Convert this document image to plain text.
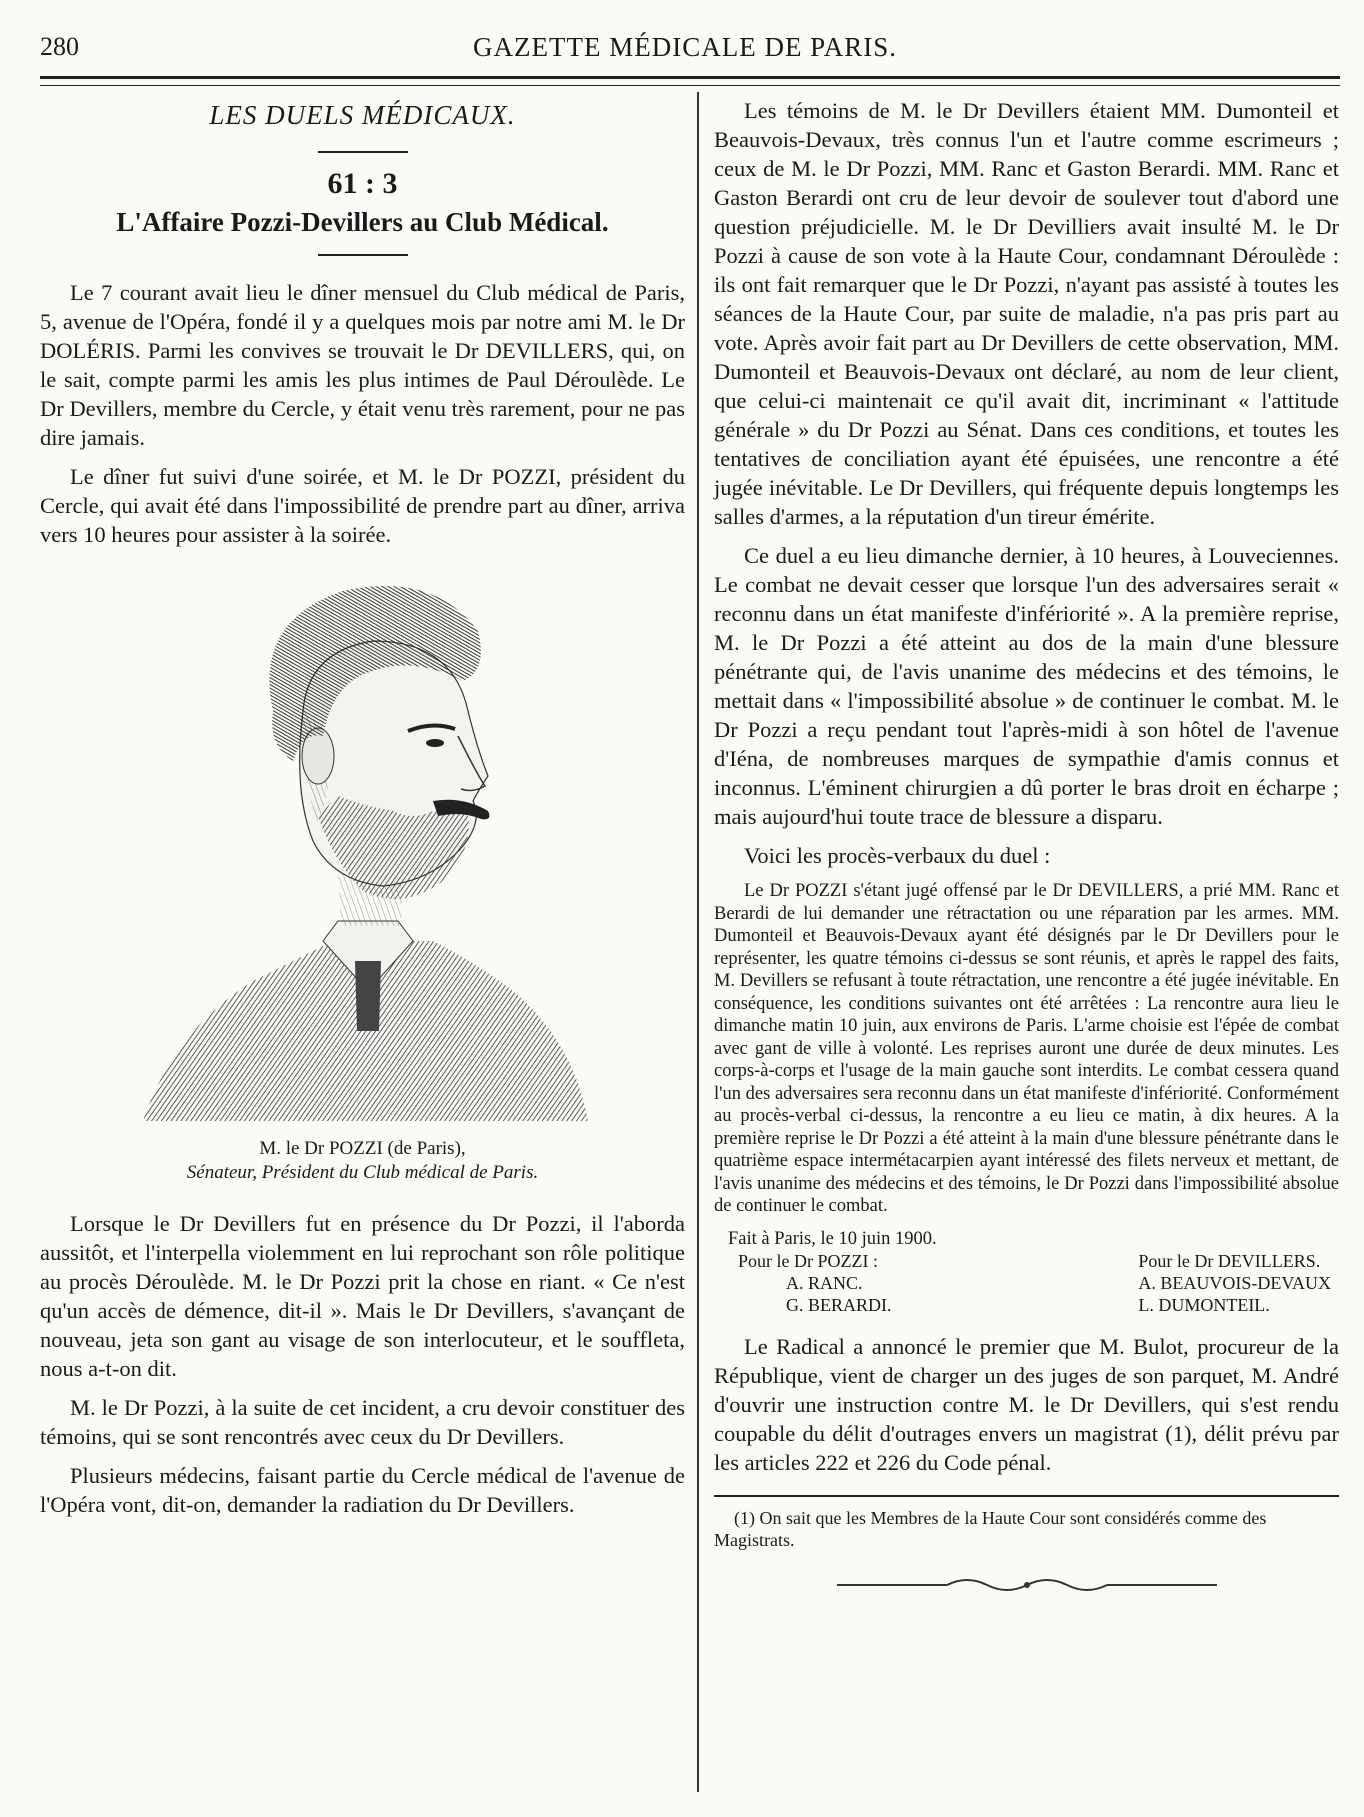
280	GAZETTE MÉDICALE DE PARIS.
LES DUELS MÉDICAUX.
61 : 3
L'Affaire Pozzi-Devillers au Club Médical.

Le 7 courant avait lieu le dîner mensuel du Club médical de Paris, 5, avenue de l'Opéra, fondé il y a quelques mois par notre ami M. le Dr DOLÉRIS. Parmi les convives se trouvait le Dr DEVILLERS, qui, on le sait, compte parmi les amis les plus intimes de Paul Déroulède. Le Dr Devillers, membre du Cercle, y était venu très rarement, pour ne pas dire jamais.

Le dîner fut suivi d'une soirée, et M. le Dr POZZI, président du Cercle, qui avait été dans l'impossibilité de prendre part au dîner, arriva vers 10 heures pour assister à la soirée.

M. le Dr POZZI (de Paris),
Sénateur, Président du Club médical de Paris.

Lorsque le Dr Devillers fut en présence du Dr Pozzi, il l'aborda aussitôt, et l'interpella violemment en lui reprochant son rôle politique au procès Déroulède. M. le Dr Pozzi prit la chose en riant. « Ce n'est qu'un accès de démence, dit-il ». Mais le Dr Devillers, s'avançant de nouveau, jeta son gant au visage de son interlocuteur, et le souffleta, nous a-t-on dit.

M. le Dr Pozzi, à la suite de cet incident, a cru devoir constituer des témoins, qui se sont rencontrés avec ceux du Dr Devillers.

Plusieurs médecins, faisant partie du Cercle médical de l'avenue de l'Opéra vont, dit-on, demander la radiation du Dr Devillers.

Les témoins de M. le Dr Devillers étaient MM. Dumonteil et Beauvois-Devaux, très connus l'un et l'autre comme escrimeurs ; ceux de M. le Dr Pozzi, MM. Ranc et Gaston Berardi. MM. Ranc et Gaston Berardi ont cru de leur devoir de soulever tout d'abord une question préjudicielle. M. le Dr Devilliers avait insulté M. le Dr Pozzi à cause de son vote à la Haute Cour, condamnant Déroulède : ils ont fait remarquer que le Dr Pozzi, n'ayant pas assisté à toutes les séances de la Haute Cour, par suite de maladie, n'a pas pris part au vote. Après avoir fait part au Dr Devillers de cette observation, MM. Dumonteil et Beauvois-Devaux ont déclaré, au nom de leur client, que celui-ci maintenait ce qu'il avait dit, incriminant « l'attitude générale » du Dr Pozzi au Sénat. Dans ces conditions, et toutes les tentatives de conciliation ayant été épuisées, une rencontre a été jugée inévitable. Le Dr Devillers, qui fréquente depuis longtemps les salles d'armes, a la réputation d'un tireur émérite.

Ce duel a eu lieu dimanche dernier, à 10 heures, à Louveciennes. Le combat ne devait cesser que lorsque l'un des adversaires serait « reconnu dans un état manifeste d'infériorité ». A la première reprise, M. le Dr Pozzi a été atteint au dos de la main d'une blessure pénétrante qui, de l'avis unanime des médecins et des témoins, le mettait dans « l'impossibilité absolue » de continuer le combat. M. le Dr Pozzi a reçu pendant tout l'après-midi à son hôtel de l'avenue d'Iéna, de nombreuses marques de sympathie d'amis connus et inconnus. L'éminent chirurgien a dû porter le bras droit en écharpe ; mais aujourd'hui toute trace de blessure a disparu.

Voici les procès-verbaux du duel :

Le Dr POZZI s'étant jugé offensé par le Dr DEVILLERS, a prié MM. Ranc et Berardi de lui demander une rétractation ou une réparation par les armes. MM. Dumonteil et Beauvois-Devaux ayant été désignés par le Dr Devillers pour le représenter, les quatre témoins ci-dessus se sont réunis, et après le rappel des faits, M. Devillers se refusant à toute rétractation, une rencontre a été jugée inévitable. En conséquence, les conditions suivantes ont été arrêtées : La rencontre aura lieu le dimanche matin 10 juin, aux environs de Paris. L'arme choisie est l'épée de combat avec gant de ville à volonté. Les reprises auront une durée de deux minutes. Les corps-à-corps et l'usage de la main gauche sont interdits. Le combat cessera quand l'un des adversaires sera reconnu dans un état manifeste d'infériorité. Conformément au procès-verbal ci-dessus, la rencontre a eu lieu ce matin, à dix heures. A la première reprise le Dr Pozzi a été atteint à la main d'une blessure pénétrante dans le quatrième espace intermétacarpien ayant intéressé des filets nerveux et mettant, de l'avis unanime des médecins et des témoins, le Dr Pozzi dans l'impossibilité absolue de continuer le combat.

Fait à Paris, le 10 juin 1900.
Pour le Dr POZZI :
A. RANC.
G. BERARDI.
Pour le Dr DEVILLERS.
A. BEAUVOIS-DEVAUX
L. DUMONTEIL.

Le Radical a annoncé le premier que M. Bulot, procureur de la République, vient de charger un des juges de son parquet, M. André d'ouvrir une instruction contre M. le Dr Devillers, qui s'est rendu coupable du délit d'outrages envers un magistrat (1), délit prévu par les articles 222 et 226 du Code pénal.

(1) On sait que les Membres de la Haute Cour sont considérés comme des Magistrats.
